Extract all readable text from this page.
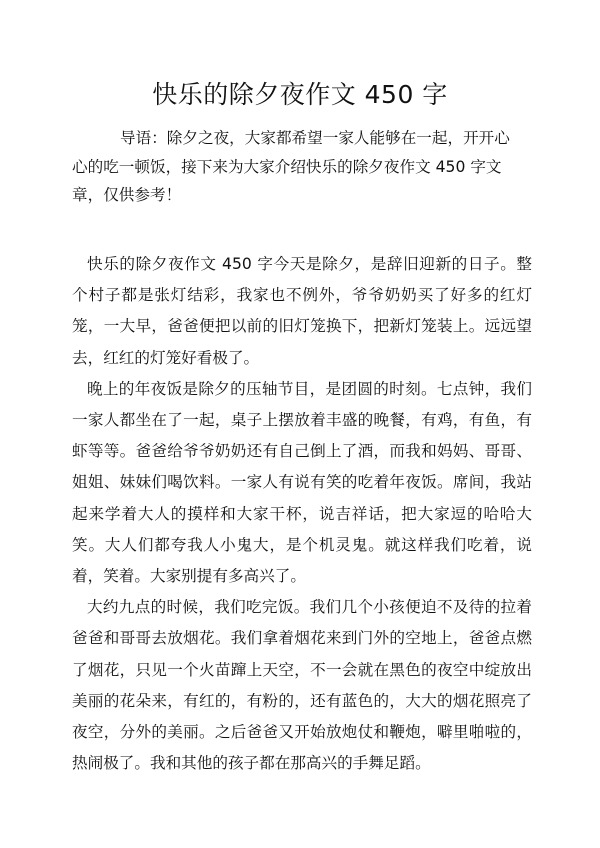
快乐的除夕夜作文 450 字
导语：除夕之夜，大家都希望一家人能够在一起，开开心
心的吃一顿饭，接下来为大家介绍快乐的除夕夜作文 450 字文章，仅供参考！

快乐的除夕夜作文 450 字今天是除夕，是辞旧迎新的日子。整个村子都是张灯结彩，我家也不例外，爷爷奶奶买了好多的红灯笼，一大早，爸爸便把以前的旧灯笼换下，把新灯笼装上。远远望去，红红的灯笼好看极了。

晚上的年夜饭是除夕的压轴节目，是团圆的时刻。七点钟，我们一家人都坐在了一起，桌子上摆放着丰盛的晚餐，有鸡，有鱼，有虾等等。爸爸给爷爷奶奶还有自己倒上了酒，而我和妈妈、哥哥、姐姐、妹妹们喝饮料。一家人有说有笑的吃着年夜饭。席间，我站起来学着大人的摸样和大家干杯，说吉祥话，把大家逗的哈哈大笑。大人们都夸我人小鬼大，是个机灵鬼。就这样我们吃着，说着，笑着。大家别提有多高兴了。

大约九点的时候，我们吃完饭。我们几个小孩便迫不及待的拉着爸爸和哥哥去放烟花。我们拿着烟花来到门外的空地上，爸爸点燃了烟花，只见一个火苗蹿上天空，不一会就在黑色的夜空中绽放出美丽的花朵来，有红的，有粉的，还有蓝色的，大大的烟花照亮了夜空，分外的美丽。之后爸爸又开始放炮仗和鞭炮，噼里啪啦的，热闹极了。我和其他的孩子都在那高兴的手舞足蹈。
